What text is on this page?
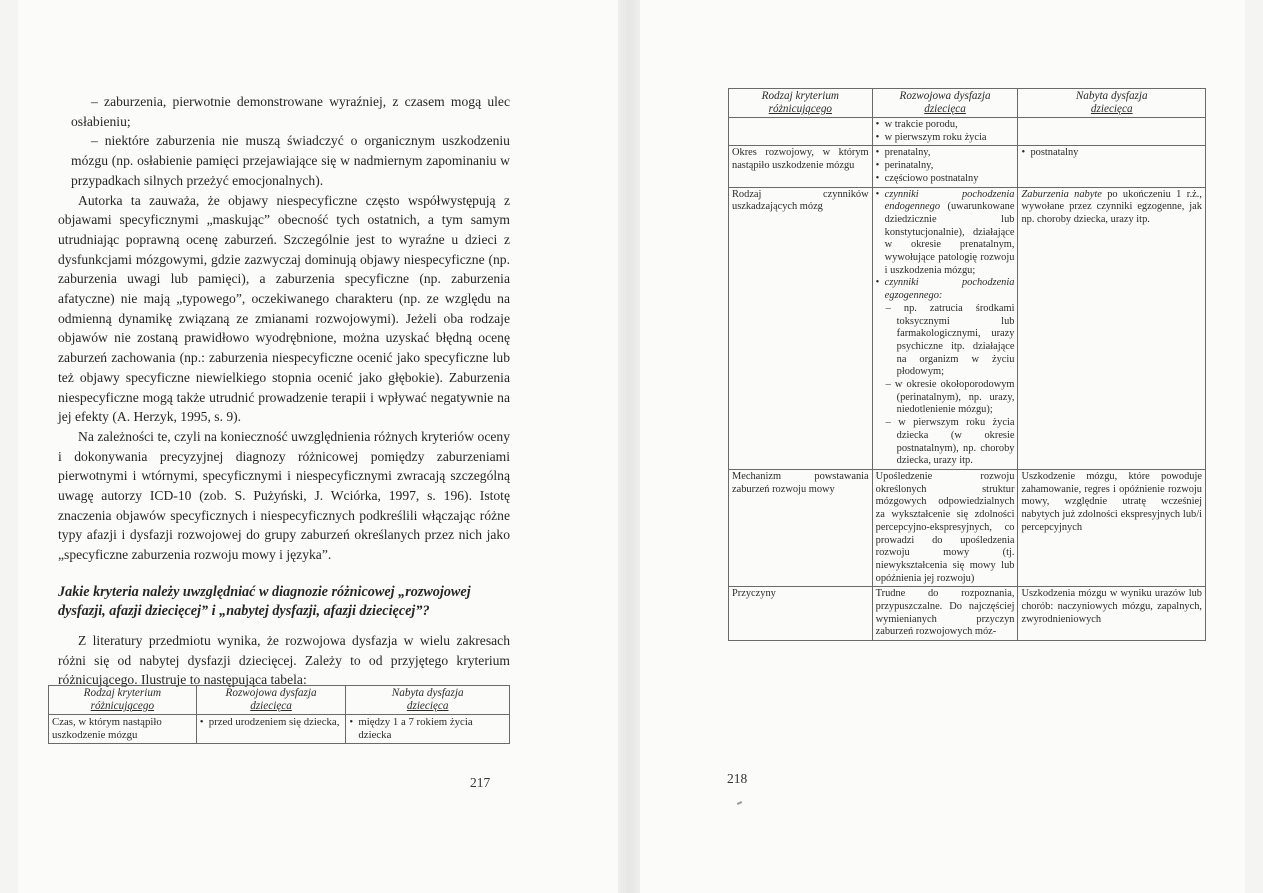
– zaburzenia, pierwotnie demonstrowane wyraźniej, z czasem mogą ulec osłabieniu;

– niektóre zaburzenia nie muszą świadczyć o organicznym uszkodzeniu mózgu (np. osłabienie pamięci przejawiające się w nadmiernym zapominaniu w przypadkach silnych przeżyć emocjonalnych).

Autorka ta zauważa, że objawy niespecyficzne często współwystępują z objawami specyficznymi „maskując” obecność tych ostatnich, a tym samym utrudniając poprawną ocenę zaburzeń. Szczególnie jest to wyraźne u dzieci z dysfunkcjami mózgowymi, gdzie zazwyczaj dominują objawy niespecyficzne (np. zaburzenia uwagi lub pamięci), a zaburzenia specyficzne (np. zaburzenia afatyczne) nie mają „typowego”, oczekiwanego charakteru (np. ze względu na odmienną dynamikę związaną ze zmianami rozwojowymi). Jeżeli oba rodzaje objawów nie zostaną prawidłowo wyodrębnione, można uzyskać błędną ocenę zaburzeń zachowania (np.: zaburzenia niespecyficzne ocenić jako specyficzne lub też objawy specyficzne niewielkiego stopnia ocenić jako głębokie). Zaburzenia niespecyficzne mogą także utrudnić prowadzenie terapii i wpływać negatywnie na jej efekty (A. Herzyk, 1995, s. 9).

Na zależności te, czyli na konieczność uwzględnienia różnych kryteriów oceny i dokonywania precyzyjnej diagnozy różnicowej pomiędzy zaburzeniami pierwotnymi i wtórnymi, specyficznymi i niespecyficznymi zwracają szczególną uwagę autorzy ICD-10 (zob. S. Pużyński, J. Wciórka, 1997, s. 196). Istotę znaczenia objawów specyficznych i niespecyficznych podkreślili włączając różne typy afazji i dysfazji rozwojowej do grupy zaburzeń określanych przez nich jako „specyficzne zaburzenia rozwoju mowy i języka”.

Jakie kryteria należy uwzględniać w diagnozie różnicowej „rozwojowej dysfazji, afazji dziecięcej” i „nabytej dysfazji, afazji dziecięcej”?

Z literatury przedmiotu wynika, że rozwojowa dysfazja w wielu zakresach różni się od nabytej dysfazji dziecięcej. Zależy to od przyjętego kryterium różnicującego. Ilustruje to następująca tabela:

Rodzaj kryterium
różnicującego	Rozwojowa dysfazja
dziecięca	Nabyta dysfazja
dziecięca

Czas, w którym nastąpiło uszkodzenie mózgu	• przed urodzeniem się dziecka,	• między 1 a 7 rokiem życia dziecka
217
Rodzaj kryterium
różnicującego	Rozwojowa dysfazja
dziecięca	Nabyta dysfazja
dziecięca

	• w trakcie porodu,
• w pierwszym roku życia

Okres rozwojowy, w którym nastąpiło uszkodzenie mózgu	• prenatalny,
• perinatalny,
• częściowo postnatalny	• postnatalny

Rodzaj czynników uszkadzających mózg	• czynniki pochodzenia endogennego (uwarunkowane dziedzicznie lub konstytucjonalnie), działające w okresie prenatalnym, wywołujące patologię rozwoju i uszkodzenia mózgu;
• czynniki pochodzenia egzogennego:
– np. zatrucia środkami toksycznymi lub farmakologicznymi, urazy psychiczne itp. działające na organizm w życiu płodowym;
– w okresie okołoporodowym (perinatalnym), np. urazy, niedotlenienie mózgu);
– w pierwszym roku życia dziecka (w okresie postnatalnym), np. choroby dziecka, urazy itp.	Zaburzenia nabyte po ukończeniu 1 r.ż., wywołane przez czynniki egzogenne, jak np. choroby dziecka, urazy itp.

Mechanizm powstawania zaburzeń rozwoju mowy	Upośledzenie rozwoju określonych struktur mózgowych odpowiedzialnych za wykształcenie się zdolności percepcyjno-ekspresyjnych, co prowadzi do upośledzenia rozwoju mowy (tj. niewykształcenia się mowy lub opóźnienia jej rozwoju)	Uszkodzenie mózgu, które powoduje zahamowanie, regres i opóźnienie rozwoju mowy, względnie utratę wcześniej nabytych już zdolności ekspresyjnych lub/i percepcyjnych
Przyczyny	Trudne do rozpoznania, przypuszczalne. Do najczęściej wymienianych przyczyn zaburzeń rozwojowych móz-	Uszkodzenia mózgu w wyniku urazów lub chorób: naczyniowych mózgu, zapalnych, zwyrodnieniowych
218
